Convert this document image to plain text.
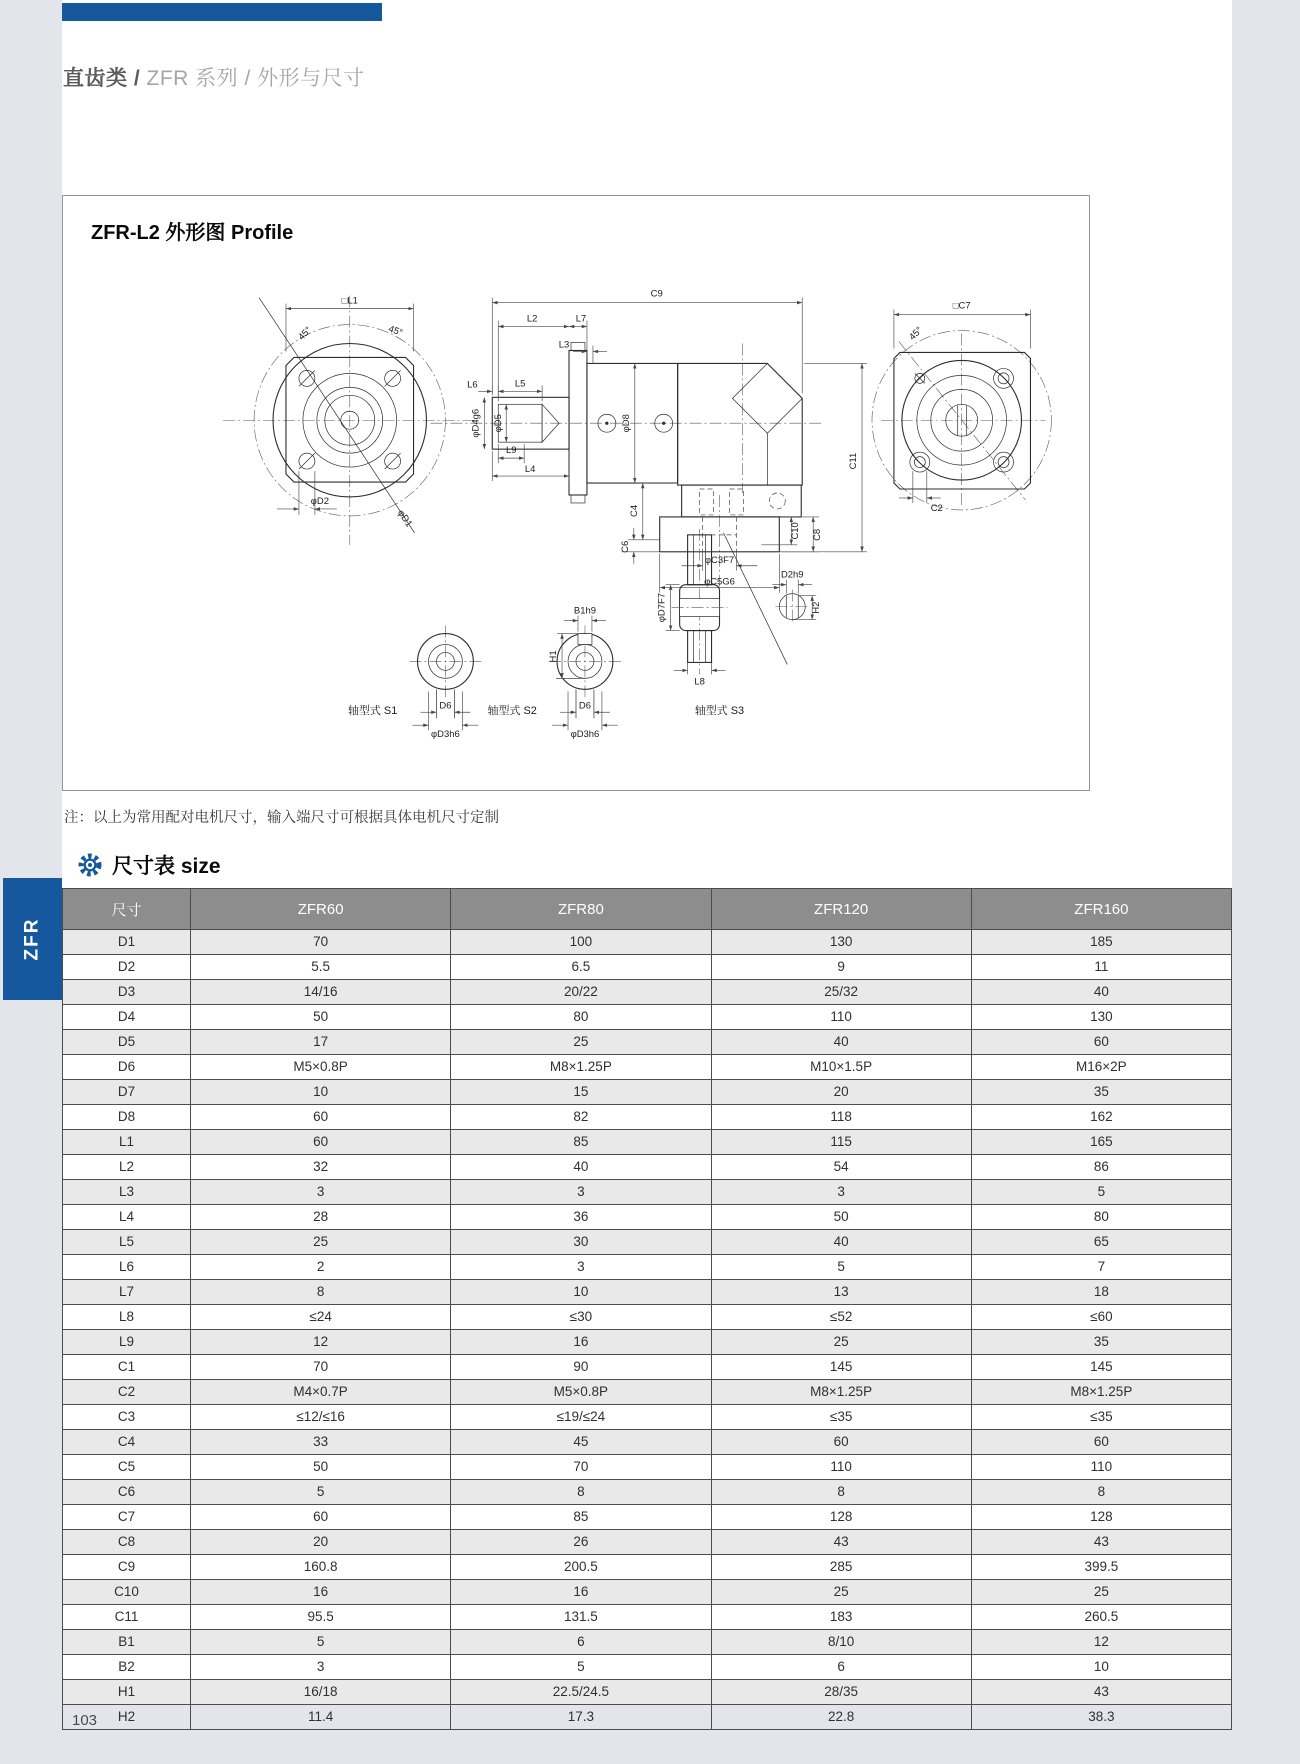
直齿类 / ZFR 系列 / 外形与尺寸
ZFR-L2 外形图 Profile
□L1
45°	45°
φD2
φD1
C9
L2	L7
L3
L6	L5
φD4g6 φD5
L9
L4
φD8
C11
C4
C6
φC3F7
φC5G6
C10 C8
□C7
45°
C2
D6
φD3h6
轴型式 S1
B1h9
H1
D6
φD3h6
轴型式 S2
φD7F7
L8
轴型式 S3
D2h9
H2
注：以上为常用配对电机尺寸，输入端尺寸可根据具体电机尺寸定制
尺寸表 size
ZFR
尺寸	ZFR60	ZFR80	ZFR120	ZFR160
D1	70	100	130	185
D2	5.5	6.5	9	11
D3	14/16	20/22	25/32	40
D4	50	80	110	130
D5	17	25	40	60
D6	M5×0.8P	M8×1.25P	M10×1.5P	M16×2P
D7	10	15	20	35
D8	60	82	118	162
L1	60	85	115	165
L2	32	40	54	86
L3	3	3	3	5
L4	28	36	50	80
L5	25	30	40	65
L6	2	3	5	7
L7	8	10	13	18
L8	≤24	≤30	≤52	≤60
L9	12	16	25	35
C1	70	90	145	145
C2	M4×0.7P	M5×0.8P	M8×1.25P	M8×1.25P
C3	≤12/≤16	≤19/≤24	≤35	≤35
C4	33	45	60	60
C5	50	70	110	110
C6	5	8	8	8
C7	60	85	128	128
C8	20	26	43	43
C9	160.8	200.5	285	399.5
C10	16	16	25	25
C11	95.5	131.5	183	260.5
B1	5	6	8/10	12
B2	3	5	6	10
H1	16/18	22.5/24.5	28/35	43
H2	11.4	17.3	22.8	38.3
103
